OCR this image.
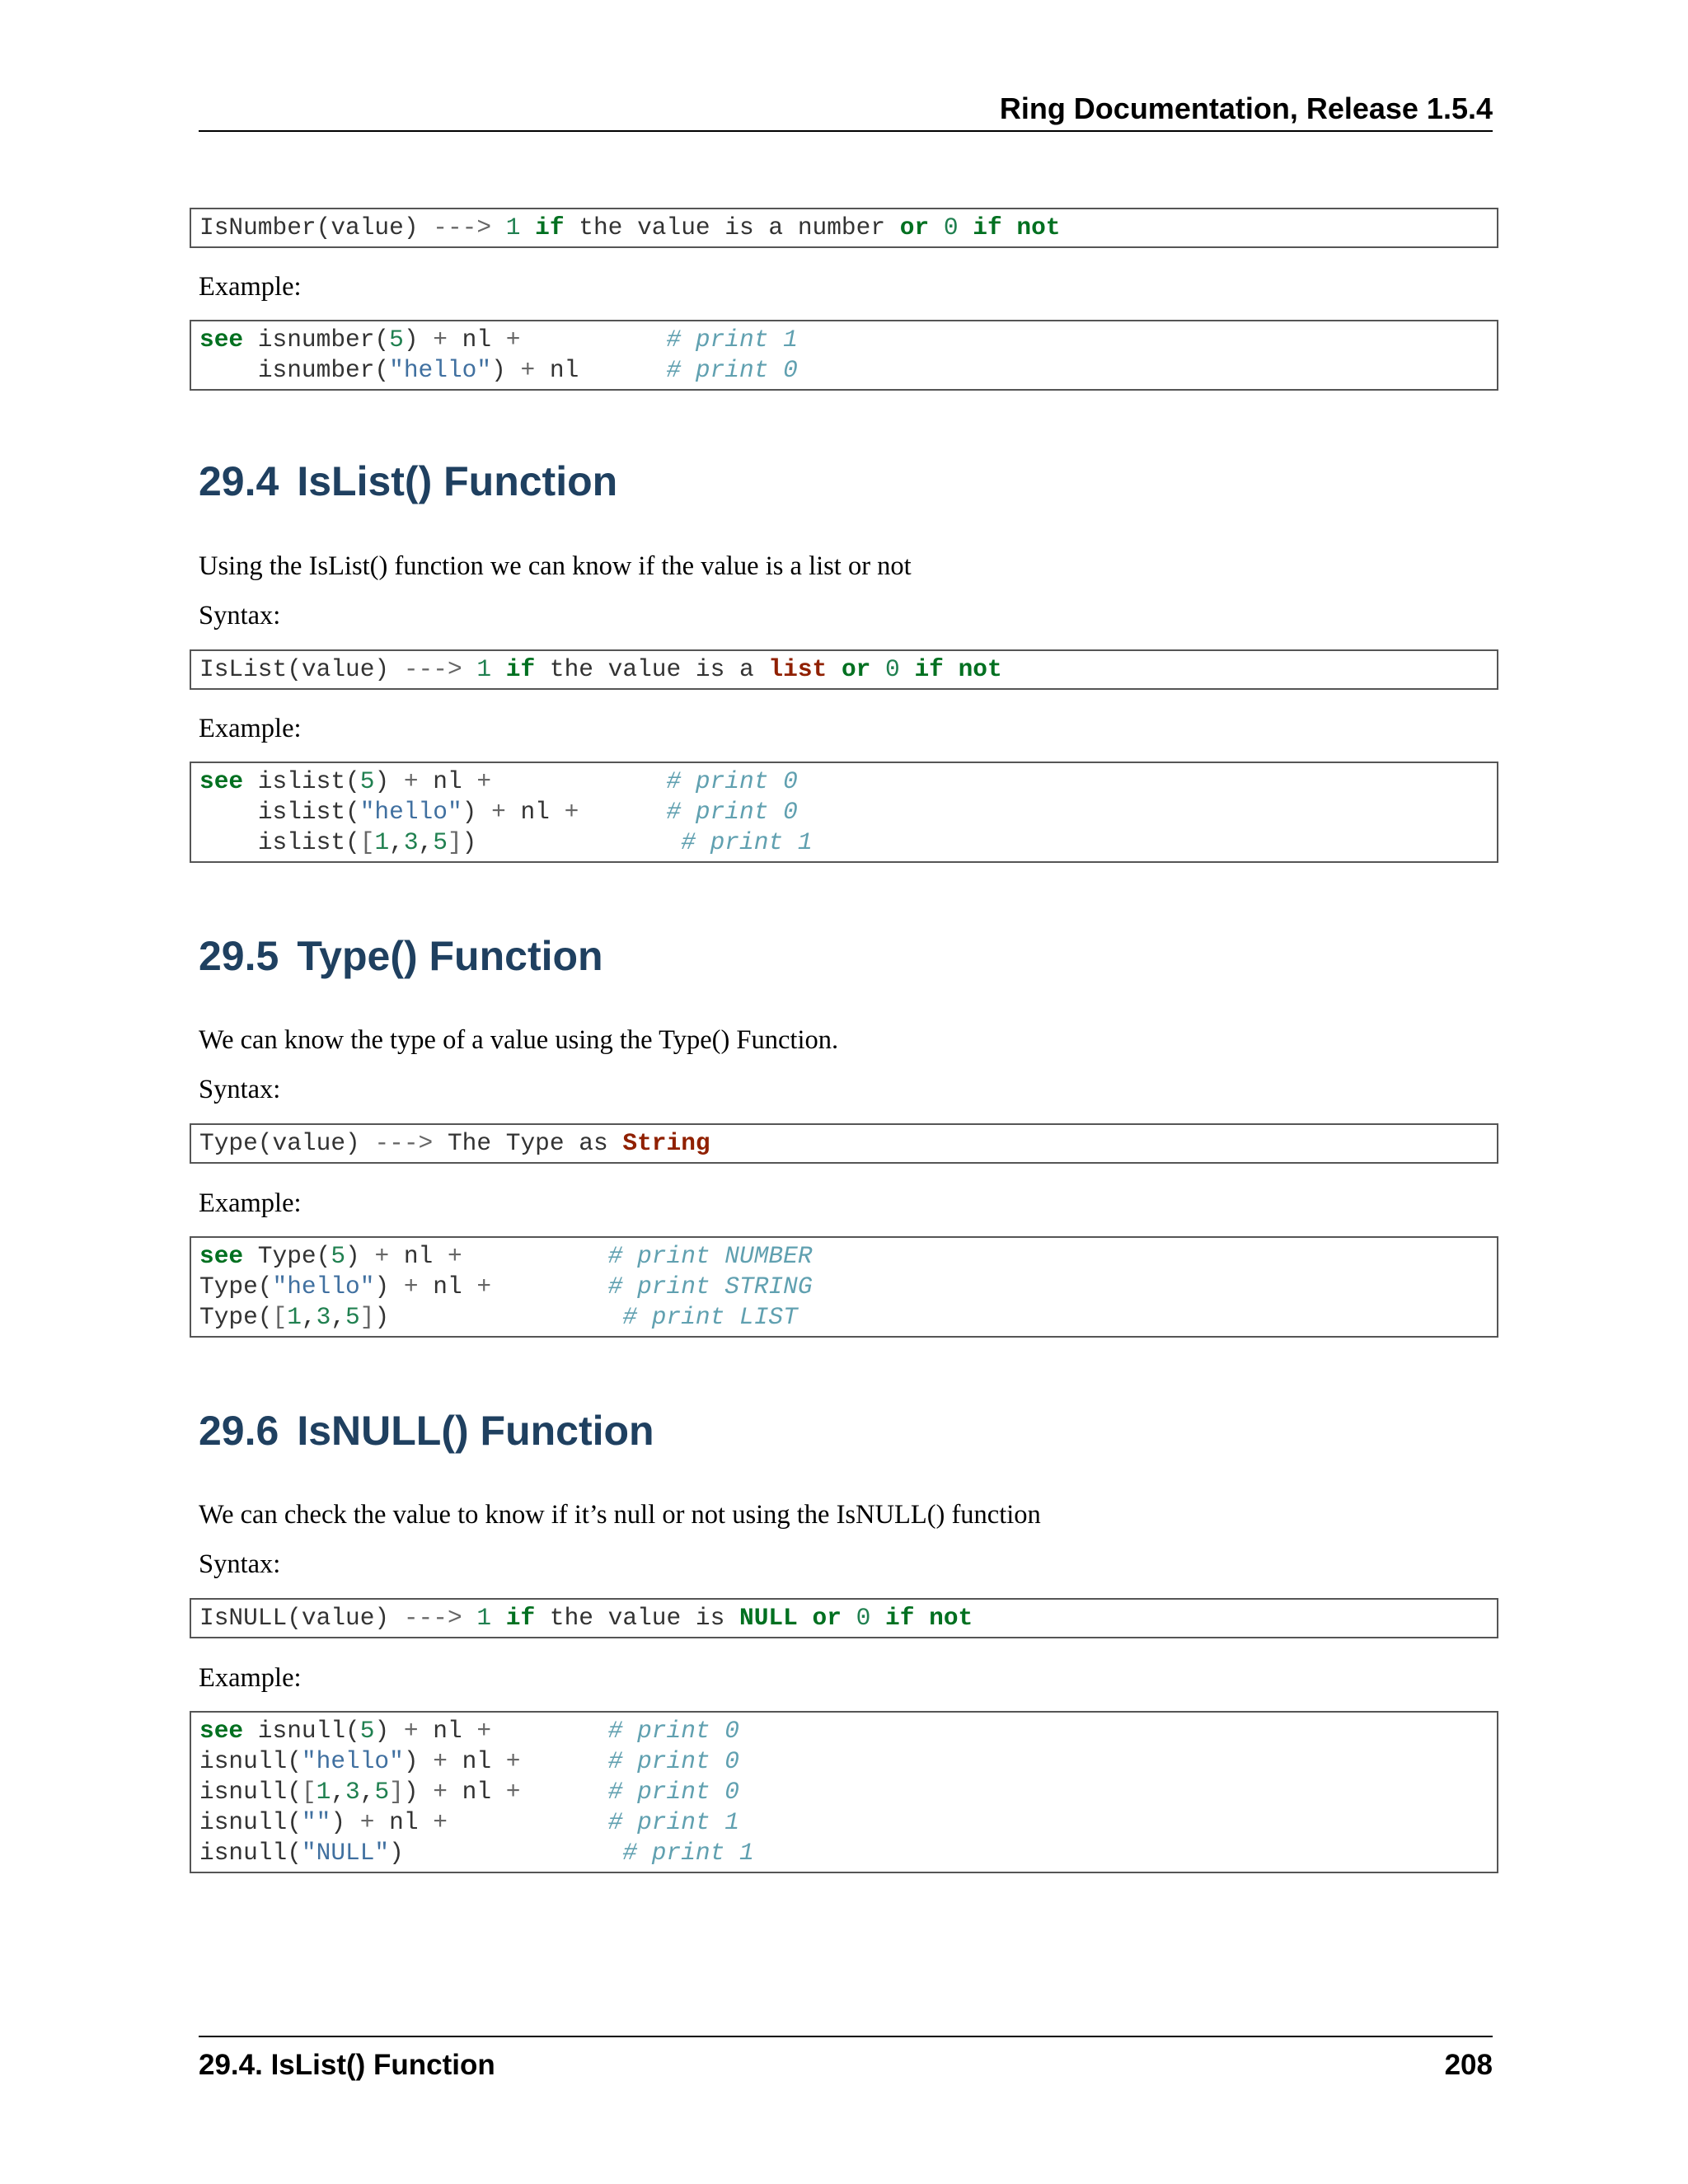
Ring Documentation, Release 1.5.4
IsNumber(value) ---> 1 if the value is a number or 0 if not
Example:
see isnumber(5) + nl +	# print 1
isnumber("hello") + nl	# print 0
29.4 IsList() Function
Using the IsList() function we can know if the value is a list or not
Syntax:
IsList(value) ---> 1 if the value is a list or 0 if not
Example:
see islist(5) + nl +	# print 0
islist("hello") + nl +	# print 0
islist([1,3,5])	# print 1
29.5 Type() Function
We can know the type of a value using the Type() Function.
Syntax:
Type(value) ---> The Type as String
Example:
see Type(5) + nl +	# print NUMBER
Type("hello") + nl +	# print STRING
Type([1,3,5])	# print LIST
29.6 IsNULL() Function
We can check the value to know if it’s null or not using the IsNULL() function
Syntax:
IsNULL(value) ---> 1 if the value is NULL or 0 if not
Example:
see isnull(5) + nl +	# print 0
isnull("hello") + nl +	# print 0
isnull([1,3,5]) + nl +	# print 0
isnull("") + nl +	# print 1
isnull("NULL")	# print 1
29.4. IsList() Function	208
